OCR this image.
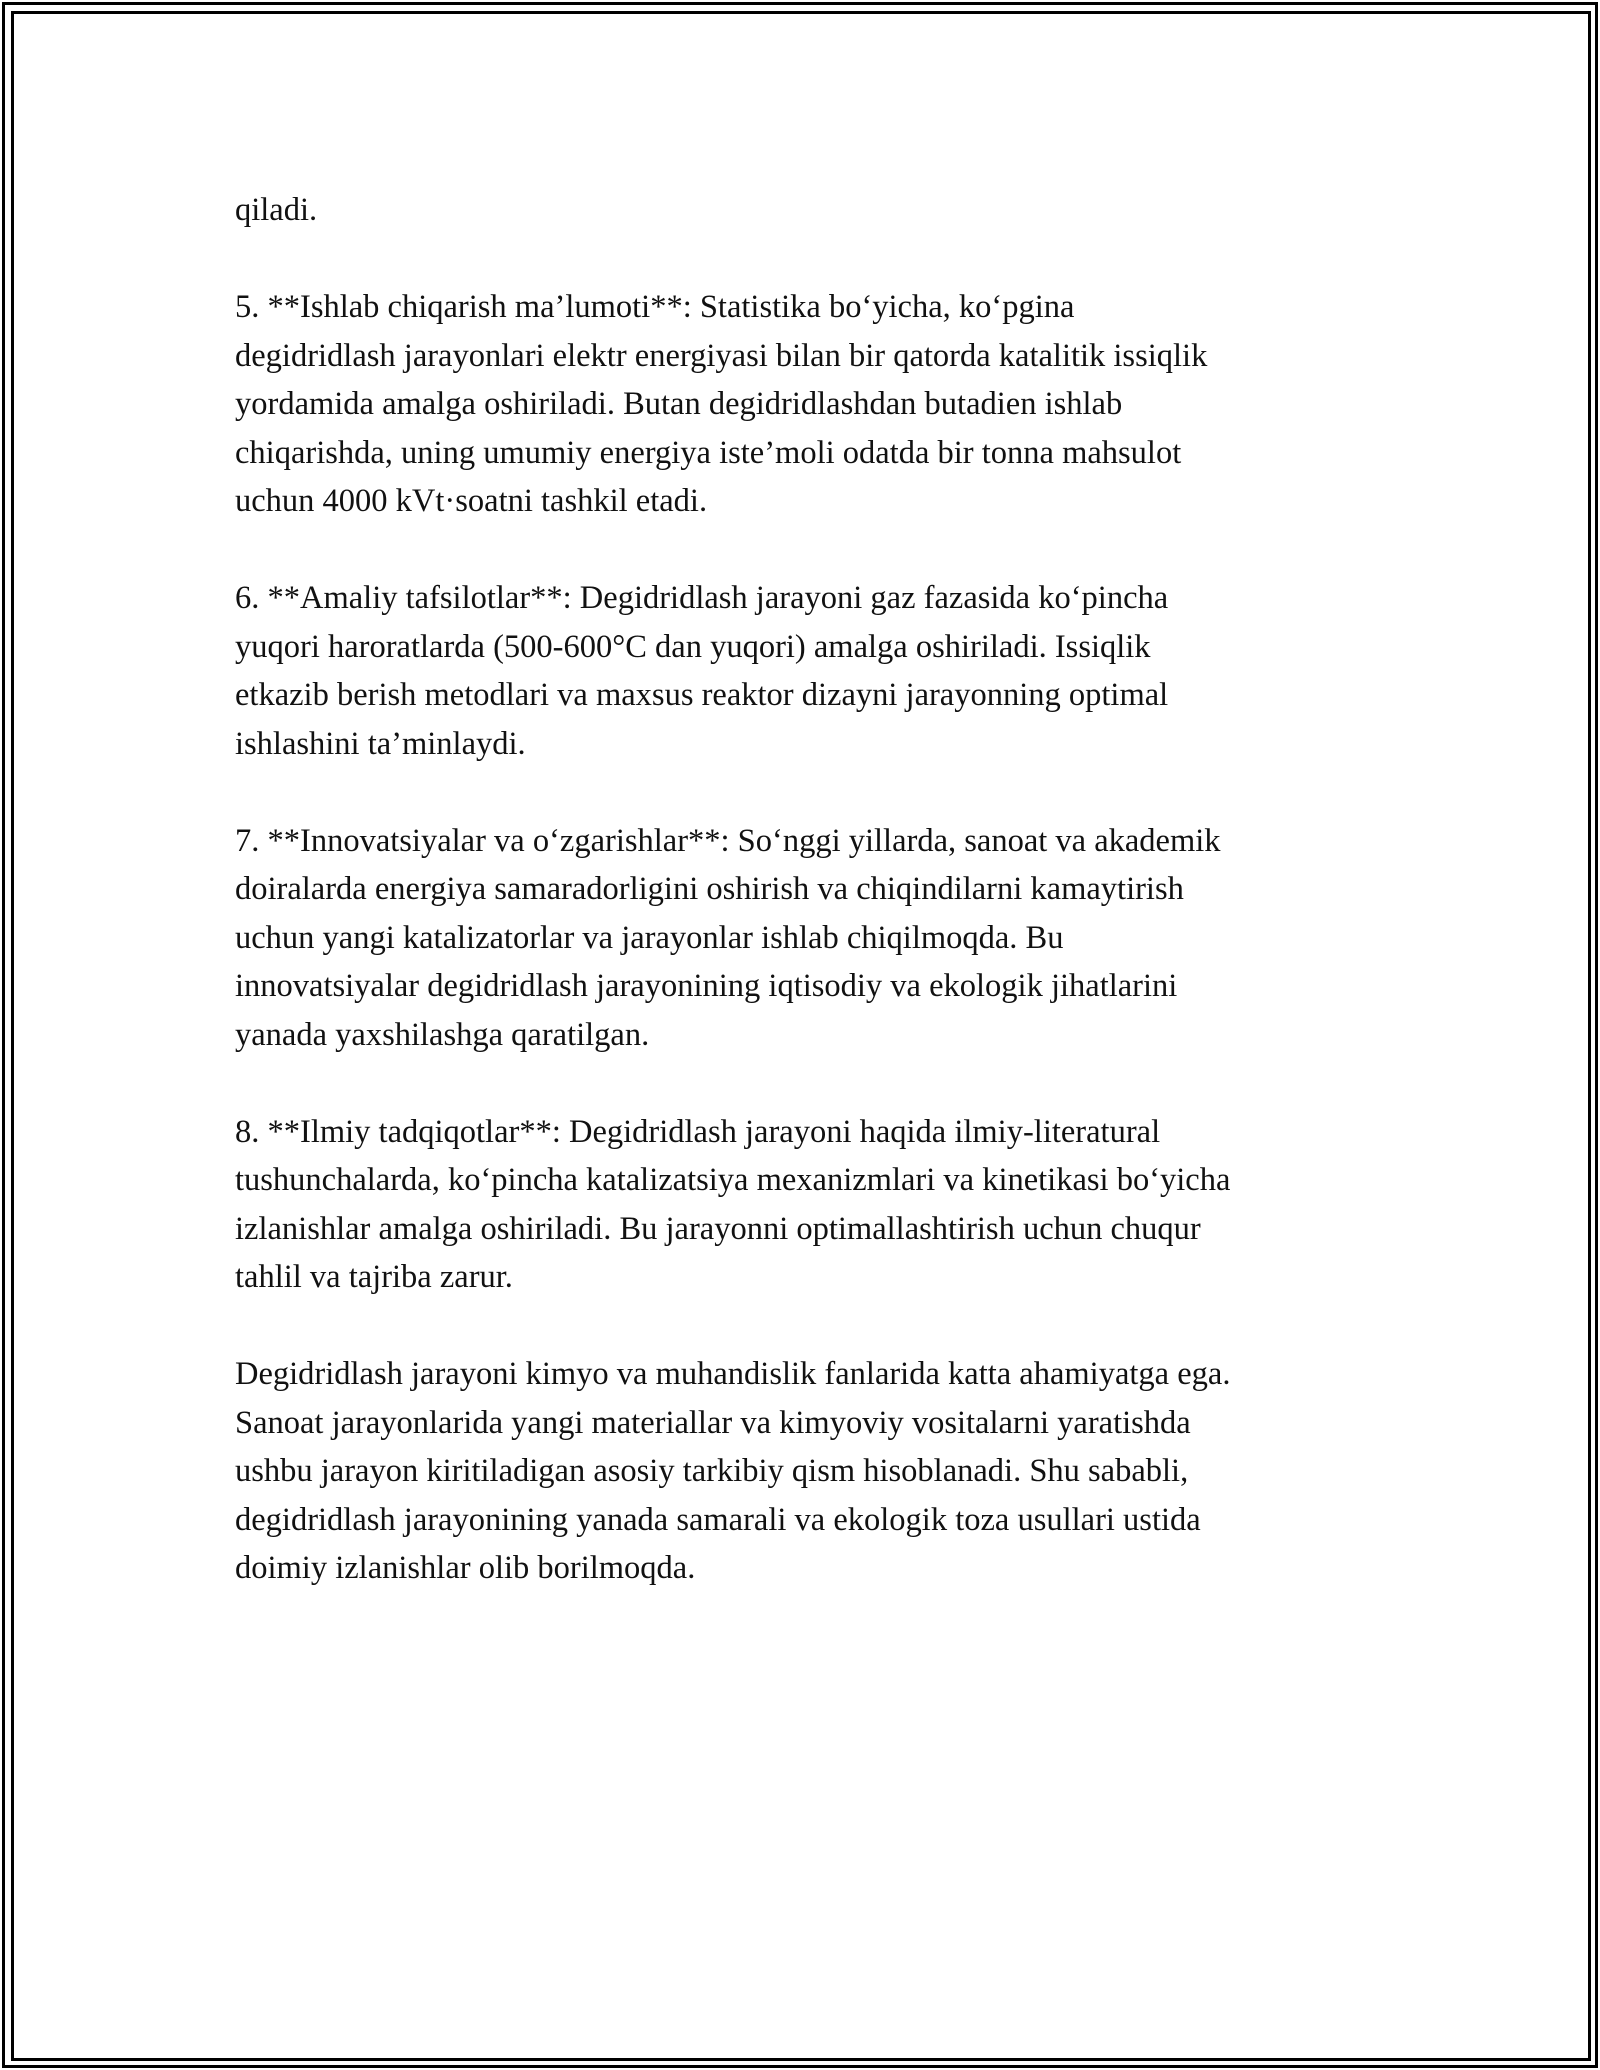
qiladi.

5. **Ishlab chiqarish ma’lumoti**: Statistika bo‘yicha, ko‘pgina
degidridlash jarayonlari elektr energiyasi bilan bir qatorda katalitik issiqlik
yordamida amalga oshiriladi. Butan degidridlashdan butadien ishlab
chiqarishda, uning umumiy energiya iste’moli odatda bir tonna mahsulot
uchun 4000 kVt·soatni tashkil etadi.

6. **Amaliy tafsilotlar**: Degidridlash jarayoni gaz fazasida ko‘pincha
yuqori haroratlarda (500-600°C dan yuqori) amalga oshiriladi. Issiqlik
etkazib berish metodlari va maxsus reaktor dizayni jarayonning optimal
ishlashini ta’minlaydi.

7. **Innovatsiyalar va o‘zgarishlar**: So‘nggi yillarda, sanoat va akademik
doiralarda energiya samaradorligini oshirish va chiqindilarni kamaytirish
uchun yangi katalizatorlar va jarayonlar ishlab chiqilmoqda. Bu
innovatsiyalar degidridlash jarayonining iqtisodiy va ekologik jihatlarini
yanada yaxshilashga qaratilgan.

8. **Ilmiy tadqiqotlar**: Degidridlash jarayoni haqida ilmiy-literatural
tushunchalarda, ko‘pincha katalizatsiya mexanizmlari va kinetikasi bo‘yicha
izlanishlar amalga oshiriladi. Bu jarayonni optimallashtirish uchun chuqur
tahlil va tajriba zarur.

Degidridlash jarayoni kimyo va muhandislik fanlarida katta ahamiyatga ega.
Sanoat jarayonlarida yangi materiallar va kimyoviy vositalarni yaratishda
ushbu jarayon kiritiladigan asosiy tarkibiy qism hisoblanadi. Shu sababli,
degidridlash jarayonining yanada samarali va ekologik toza usullari ustida
doimiy izlanishlar olib borilmoqda.
